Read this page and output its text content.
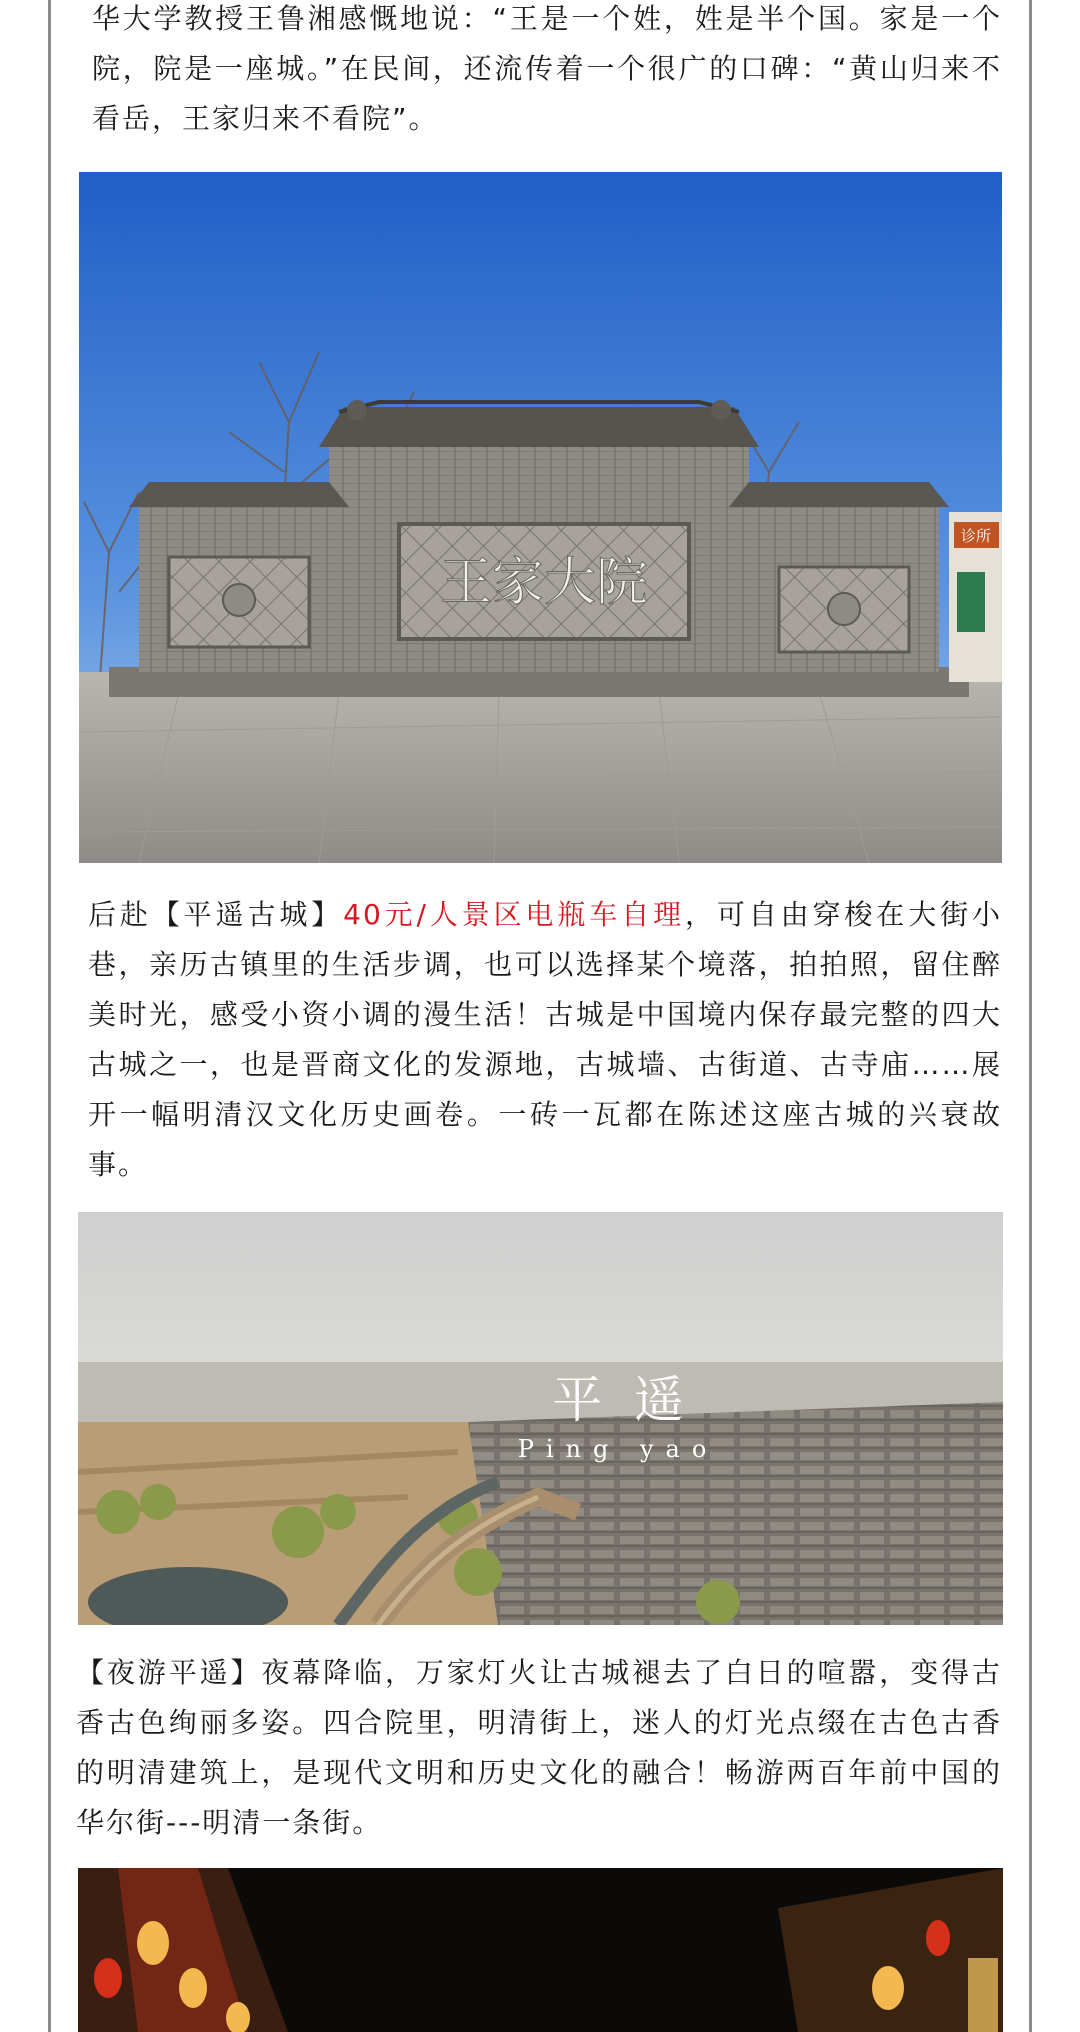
华大学教授王鲁湘感慨地说：“王是一个姓，姓是半个国。家是一个院，院是一座城。”在民间，还流传着一个很广的口碑：“黄山归来不看岳，王家归来不看院”。

王家大院
诊所

后赴【平遥古城】40元/人景区电瓶车自理，可自由穿梭在大街小巷，亲历古镇里的生活步调，也可以选择某个境落，拍拍照，留住醉美时光，感受小资小调的漫生活！古城是中国境内保存最完整的四大古城之一，也是晋商文化的发源地，古城墙、古街道、古寺庙……展开一幅明清汉文化历史画卷。一砖一瓦都在陈述这座古城的兴衰故事。

平  遥
Ping yao

【夜游平遥】夜幕降临，万家灯火让古城褪去了白日的喧嚣，变得古香古色绚丽多姿。四合院里，明清街上，迷人的灯光点缀在古色古香的明清建筑上，是现代文明和历史文化的融合！畅游两百年前中国的华尔街---明清一条街。
